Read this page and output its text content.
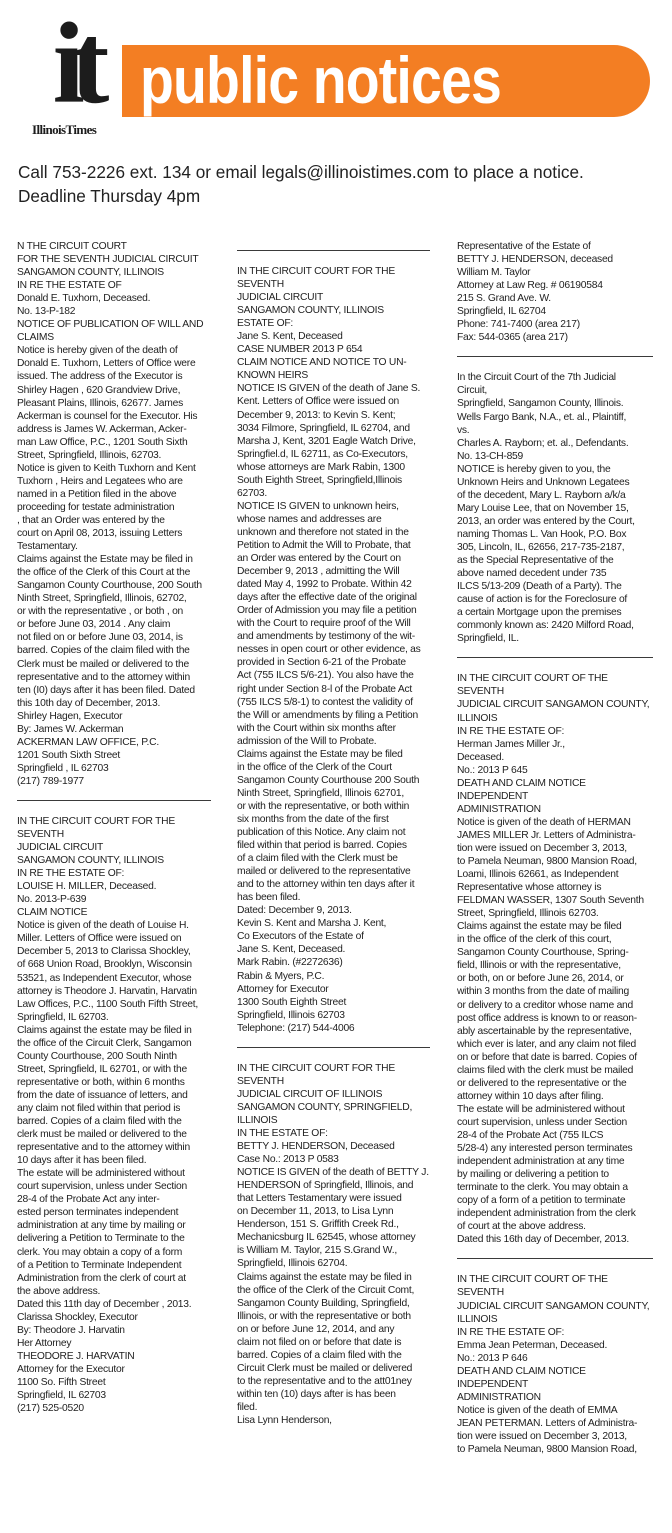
public notices
it
IllinoisTimes
Call 753-2226 ext. 134 or email legals@illinoistimes.com to place a notice.
Deadline Thursday 4pm
N THE CIRCUIT COURT
FOR THE SEVENTH JUDICIAL CIRCUIT
SANGAMON COUNTY, ILLINOIS
IN RE THE ESTATE OF
Donald E. Tuxhorn, Deceased.
No. 13-P-182
NOTICE OF PUBLICATION OF WILL AND
CLAIMS
Notice is hereby given of the death of
Donald E. Tuxhorn, Letters of Office were
issued. The address of the Executor is
Shirley Hagen , 620 Grandview Drive,
Pleasant Plains, Illinois, 62677. James
Ackerman is counsel for the Executor. His
address is James W. Ackerman, Acker-
man Law Office, P.C., 1201 South Sixth
Street, Springfield, Illinois, 62703.
Notice is given to Keith Tuxhorn and Kent
Tuxhorn , Heirs and Legatees who are
named in a Petition filed in the above
proceeding for testate administration
, that an Order was entered by the
court on April 08, 2013, issuing Letters
Testamentary.
Claims against the Estate may be filed in
the office of the Clerk of this Court at the
Sangamon County Courthouse, 200 South
Ninth Street, Springfield, Illinois, 62702,
or with the representative , or both , on
or before June 03, 2014 . Any claim
not filed on or before June 03, 2014, is
barred. Copies of the claim filed with the
Clerk must be mailed or delivered to the
representative and to the attorney within
ten (I0) days after it has been filed. Dated
this 10th day of December, 2013.
Shirley Hagen, Executor
By: James W. Ackerman
ACKERMAN LAW OFFICE, P.C.
1201 South Sixth Street
Springfield , IL 62703
(217) 789-1977
IN THE CIRCUIT COURT FOR THE SEVENTH
JUDICIAL CIRCUIT
SANGAMON COUNTY, ILLINOIS
IN RE THE ESTATE OF:
LOUISE H. MILLER, Deceased.
No. 2013-P-639
CLAIM NOTICE
Notice is given of the death of Louise H.
Miller. Letters of Office were issued on
December 5, 2013 to Clarissa Shockley,
of 668 Union Road, Brooklyn, Wisconsin
53521, as Independent Executor, whose
attorney is Theodore J. Harvatin, Harvatin
Law Offices, P.C., 1100 South Fifth Street,
Springfield, IL 62703.
Claims against the estate may be filed in
the office of the Circuit Clerk, Sangamon
County Courthouse, 200 South Ninth
Street, Springfield, IL 62701, or with the
representative or both, within 6 months
from the date of issuance of letters, and
any claim not filed within that period is
barred. Copies of a claim filed with the
clerk must be mailed or delivered to the
representative and to the attorney within
10 days after it has been filed.
The estate will be administered without
court supervision, unless under Section
28-4 of the Probate Act any inter-
ested person terminates independent
administration at any time by mailing or
delivering a Petition to Terminate to the
clerk. You may obtain a copy of a form
of a Petition to Terminate Independent
Administration from the clerk of court at
the above address.
Dated this 11th day of December , 2013.
Clarissa Shockley, Executor
By: Theodore J. Harvatin
Her Attorney
THEODORE J. HARVATIN
Attorney for the Executor
1100 So. Fifth Street
Springfield, IL 62703
(217) 525-0520
IN THE CIRCUIT COURT FOR THE SEVENTH
JUDICIAL CIRCUIT
SANGAMON COUNTY, ILLINOIS
ESTATE OF:
Jane S. Kent, Deceased
CASE NUMBER 2013 P 654
CLAIM NOTICE AND NOTICE TO UN-
KNOWN HEIRS
NOTICE IS GIVEN of the death of Jane S.
Kent. Letters of Office were issued on
December 9, 2013: to Kevin S. Kent;
3034 Filmore, Springfield, IL 62704, and
Marsha J, Kent, 3201 Eagle Watch Drive,
Springfiel.d, IL 62711, as Co-Executors,
whose attorneys are Mark Rabin, 1300
South Eighth Street, Springfield,Illinois
62703.
NOTICE IS GIVEN to unknown heirs,
whose names and addresses are
unknown and therefore not stated in the
Petition to Admit the Will to Probate, that
an Order was entered by the Court on
December 9, 2013 , admitting the Will
dated May 4, 1992 to Probate. Within 42
days after the effective date of the original
Order of Admission you may file a petition
with the Court to require proof of the Will
and amendments by testimony of the wit-
nesses in open court or other evidence, as
provided in Section 6-21 of the Probate
Act (755 ILCS 5/6-21). You also have the
right under Section 8-l of the Probate Act
(755 ILCS 5/8-1) to contest the validity of
the Will or amendments by filing a Petition
with the Court within six months after
admission of the Will to Probate.
Claims against the Estate may be filed
in the office of the Clerk of the Court
Sangamon County Courthouse 200 South
Ninth Street, Springfield, Illinois 62701,
or with the representative, or both within
six months from the date of the first
publication of this Notice. Any claim not
filed within that period is barred. Copies
of a claim filed with the Clerk must be
mailed or delivered to the representative
and to the attorney within ten days after it
has been filed.
Dated: December 9, 2013.
Kevin S. Kent and Marsha J. Kent,
Co Executors of the Estate of
Jane S. Kent, Deceased.
Mark Rabin. (#2272636)
Rabin & Myers, P.C.
Attorney for Executor
1300 South Eighth Street
Springfield, Illinois 62703
Telephone: (217) 544-4006
IN THE CIRCUIT COURT FOR THE SEVENTH
JUDICIAL CIRCUIT OF ILLINOIS
SANGAMON COUNTY, SPRINGFIELD,
ILLINOIS
IN THE ESTATE OF:
BETTY J. HENDERSON, Deceased
Case No.: 2013 P 0583
NOTICE IS GIVEN of the death of BETTY J.
HENDERSON of Springfield, Illinois, and
that Letters Testamentary were issued
on December 11, 2013, to Lisa Lynn
Henderson, 151 S. Griffith Creek Rd.,
Mechanicsburg IL 62545, whose attorney
is William M. Taylor, 215 S.Grand W.,
Springfield, Illinois 62704.
Claims against the estate may be filed in
the office of the Clerk of the Circuit Comt,
Sangamon County Building, Springfield,
Illinois, or with the representative or both
on or before June 12, 2014, and any
claim not filed on or before that date is
barred. Copies of a claim filed with the
Circuit Clerk must be mailed or delivered
to the representative and to the att01ney
within ten (10) days after is has been
filed.
Lisa Lynn Henderson,
Representative of the Estate of
BETTY J. HENDERSON, deceased
William M. Taylor
Attorney at Law Reg. # 06190584
215 S. Grand Ave. W.
Springfield, IL 62704
Phone: 741-7400 (area 217)
Fax: 544-0365 (area 217)
In the Circuit Court of the 7th Judicial
Circuit,
Springfield, Sangamon County, Illinois.
Wells Fargo Bank, N.A., et. al., Plaintiff,
vs.
Charles A. Rayborn; et. al., Defendants.
No. 13-CH-859
NOTICE is hereby given to you, the
Unknown Heirs and Unknown Legatees
of the decedent, Mary L. Rayborn a/k/a
Mary Louise Lee, that on November 15,
2013, an order was entered by the Court,
naming Thomas L. Van Hook, P.O. Box
305, Lincoln, IL, 62656, 217-735-2187,
as the Special Representative of the
above named decedent under 735
ILCS 5/13-209 (Death of a Party). The
cause of action is for the Foreclosure of
a certain Mortgage upon the premises
commonly known as: 2420 Milford Road,
Springfield, IL.
IN THE CIRCUIT COURT OF THE SEVENTH
JUDICIAL CIRCUIT SANGAMON COUNTY,
ILLINOIS
IN RE THE ESTATE OF:
Herman James Miller Jr.,
Deceased.
No.: 2013 P 645
DEATH AND CLAIM NOTICE INDEPENDENT
ADMINISTRATION
Notice is given of the death of HERMAN
JAMES MILLER Jr. Letters of Administra-
tion were issued on December 3, 2013,
to Pamela Neuman, 9800 Mansion Road,
Loami, Illinois 62661, as Independent
Representative whose attorney is
FELDMAN WASSER, 1307 South Seventh
Street, Springfield, Illinois 62703.
Claims against the estate may be filed
in the office of the clerk of this court,
Sangamon County Courthouse, Spring-
field, Illinois or with the representative,
or both, on or before June 26, 2014, or
within 3 months from the date of mailing
or delivery to a creditor whose name and
post office address is known to or reason-
ably ascertainable by the representative,
which ever is later, and any claim not filed
on or before that date is barred. Copies of
claims filed with the clerk must be mailed
or delivered to the representative or the
attorney within 10 days after filing.
The estate will be administered without
court supervision, unless under Section
28-4 of the Probate Act (755 ILCS
5/28-4) any interested person terminates
independent administration at any time
by mailing or delivering a petition to
terminate to the clerk. You may obtain a
copy of a form of a petition to terminate
independent administration from the clerk
of court at the above address.
Dated this 16th day of December, 2013.
IN THE CIRCUIT COURT OF THE SEVENTH
JUDICIAL CIRCUIT SANGAMON COUNTY,
ILLINOIS
IN RE THE ESTATE OF:
Emma Jean Peterman, Deceased.
No.: 2013 P 646
DEATH AND CLAIM NOTICE INDEPENDENT
ADMINISTRATION
Notice is given of the death of EMMA
JEAN PETERMAN. Letters of Administra-
tion were issued on December 3, 2013,
to Pamela Neuman, 9800 Mansion Road,
